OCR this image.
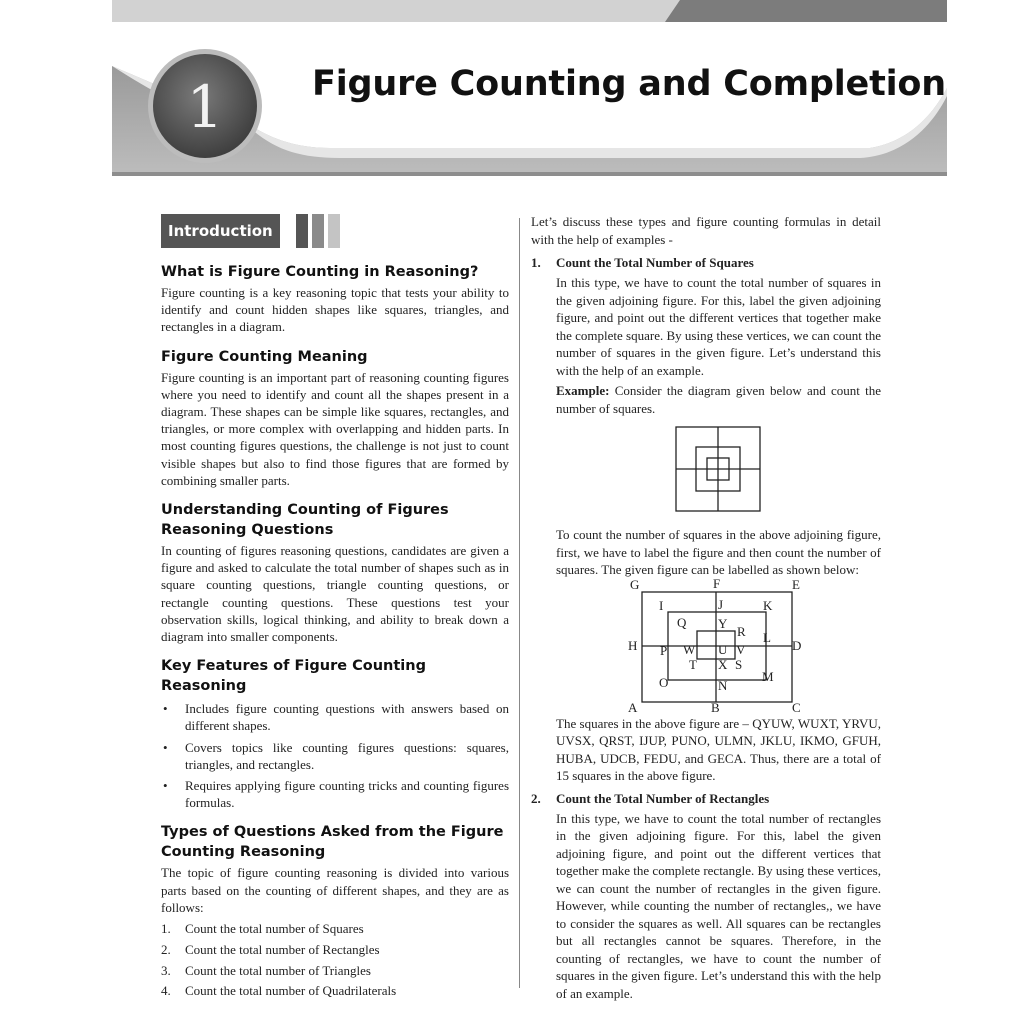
1	Figure Counting and Completion
Introduction
What is Figure Counting in Reasoning?

Figure counting is a key reasoning topic that tests your ability to identify and count hidden shapes like squares, triangles, and rectangles in a diagram.

Figure Counting Meaning

Figure counting is an important part of reasoning counting figures where you need to identify and count all the shapes present in a diagram. These shapes can be simple like squares, rectangles, and triangles, or more complex with overlapping and hidden parts. In most counting figures questions, the challenge is not just to count visible shapes but also to find those figures that are formed by combining smaller parts.

Understanding Counting of Figures Reasoning Questions

In counting of figures reasoning questions, candidates are given a figure and asked to calculate the total number of shapes such as in square counting questions, triangle counting questions, or rectangle counting questions. These questions test your observation skills, logical thinking, and ability to break down a diagram into smaller components.

Key Features of Figure Counting Reasoning
• Includes figure counting questions with answers based on different shapes.
• Covers topics like counting figures questions: squares, triangles, and rectangles.
• Requires applying figure counting tricks and counting figures formulas.
Types of Questions Asked from the Figure Counting Reasoning

The topic of figure counting reasoning is divided into various parts based on the counting of different shapes, and they are as follows:

1.	Count the total number of Squares
2.	Count the total number of Rectangles
3.	Count the total number of Triangles
4.	Count the total number of Quadrilaterals

Let’s discuss these types and figure counting formulas in detail with the help of examples -

1.	Count the Total Number of Squares

In this type, we have to count the total number of squares in the given adjoining figure. For this, label the given adjoining figure, and point out the different vertices that together make the complete square. By using these vertices, we can count the number of squares in the given figure. Let’s understand this with the help of an example.

Example: Consider the diagram given below and count the number of squares.

To count the number of squares in the above adjoining figure, first, we have to label the figure and then count the number of squares. The given figure can be labelled as shown below:

G	F	E
I	J	K
Q Y
R L
H	D
P W U V
T X S
M
O	N
A	B	C

The squares in the above figure are – QYUW, WUXT, YRVU, UVSX, QRST, IJUP, PUNO, ULMN, JKLU, IKMO, GFUH, HUBA, UDCB, FEDU, and GECA. Thus, there are a total of 15 squares in the above figure.

2.	Count the Total Number of Rectangles

In this type, we have to count the total number of rectangles in the given adjoining figure. For this, label the given adjoining figure, and point out the different vertices that together make the complete rectangle. By using these vertices, we can count the number of rectangles in the given figure. However, while counting the number of rectangles,, we have to consider the squares as well. All squares can be rectangles but all rectangles cannot be squares. Therefore, in the counting of rectangles, we have to count the number of squares in the given figure. Let’s understand this with the help of an example.
